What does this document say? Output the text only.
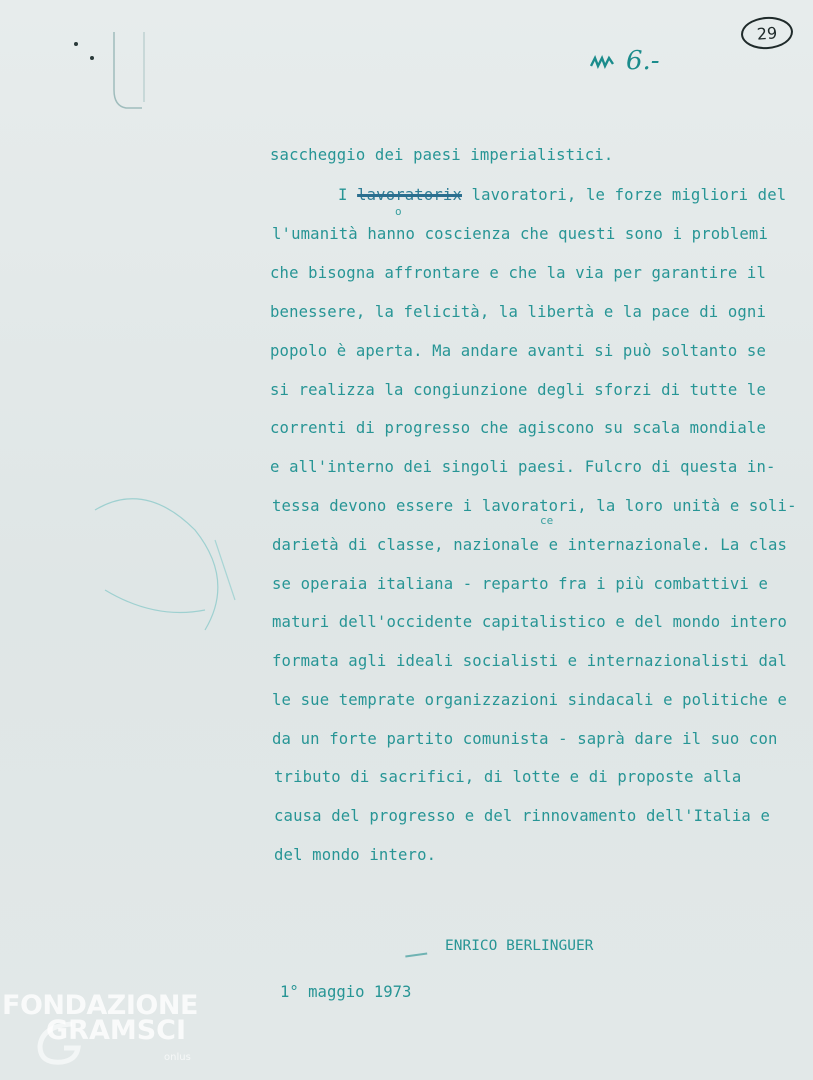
29
6.-
saccheggio dei paesi imperialistici.
I lavoratorix lavoratori, le forze migliori del
o
l'umanità hanno coscienza che questi sono i problemi
che bisogna affrontare e che la via per garantire il
benessere, la felicità, la libertà e la pace di ogni
popolo è aperta. Ma andare avanti si può soltanto se
si realizza la congiunzione degli sforzi di tutte le
correnti di progresso che agiscono su scala mondiale
e all'interno dei singoli paesi. Fulcro di questa in-
tessa devono essere i lavoratori, la loro unità e soli-
ce
darietà di classe, nazionale e internazionale. La clas
se operaia italiana - reparto fra i più combattivi e
maturi dell'occidente capitalistico e del mondo intero
formata agli ideali socialisti e internazionalisti dal
le sue temprate organizzazioni sindacali e politiche e
da un forte partito comunista - saprà dare il suo con
tributo di sacrifici, di lotte e di proposte alla
causa del progresso e del rinnovamento dell'Italia e
del mondo intero.
ENRICO BERLINGUER
1° maggio 1973
FONDAZIONE
GRAMSCI
onlus
